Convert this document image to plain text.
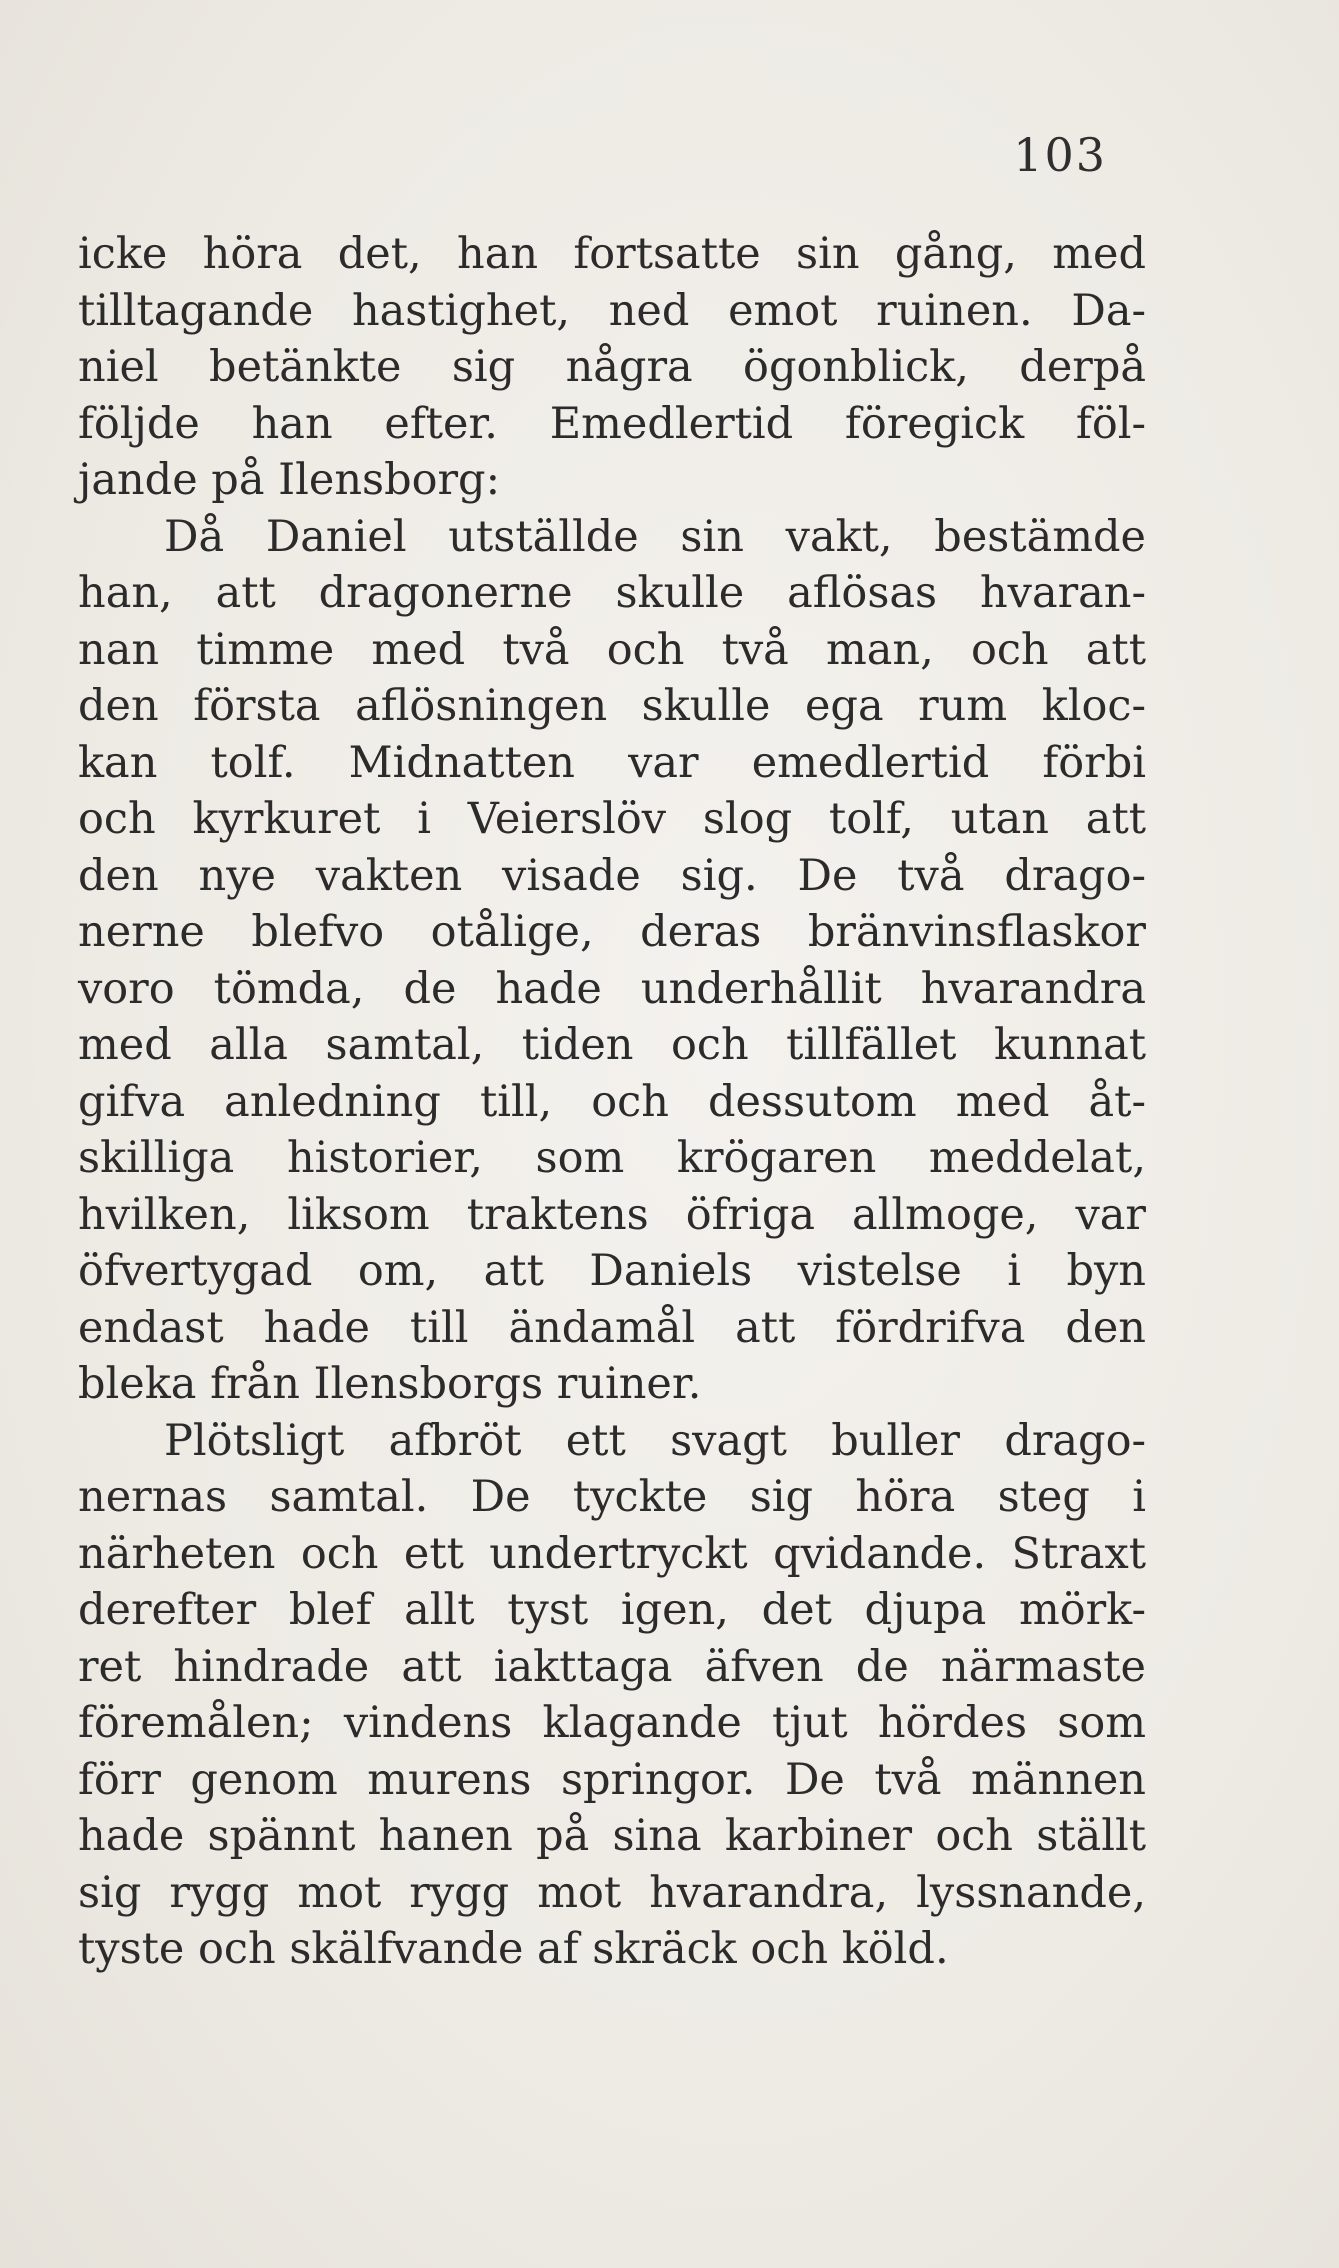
103
icke höra det, han fortsatte sin gång, med
tilltagande hastighet, ned emot ruinen. Da-
niel betänkte sig några ögonblick, derpå
följde han efter. Emedlertid föregick föl-
jande på Ilensborg:
Då Daniel utställde sin vakt, bestämde
han, att dragonerne skulle aflösas hvaran-
nan timme med två och två man, och att
den första aflösningen skulle ega rum kloc-
kan tolf. Midnatten var emedlertid förbi
och kyrkuret i Veierslöv slog tolf, utan att
den nye vakten visade sig. De två drago-
nerne blefvo otålige, deras bränvinsflaskor
voro tömda, de hade underhållit hvarandra
med alla samtal, tiden och tillfället kunnat
gifva anledning till, och dessutom med åt-
skilliga historier, som krögaren meddelat,
hvilken, liksom traktens öfriga allmoge, var
öfvertygad om, att Daniels vistelse i byn
endast hade till ändamål att fördrifva den
bleka från Ilensborgs ruiner.
Plötsligt afbröt ett svagt buller drago-
nernas samtal. De tyckte sig höra steg i
närheten och ett undertryckt qvidande. Straxt
derefter blef allt tyst igen, det djupa mörk-
ret hindrade att iakttaga äfven de närmaste
föremålen; vindens klagande tjut hördes som
förr genom murens springor. De två männen
hade spännt hanen på sina karbiner och ställt
sig rygg mot rygg mot hvarandra, lyssnande,
tyste och skälfvande af skräck och köld.
